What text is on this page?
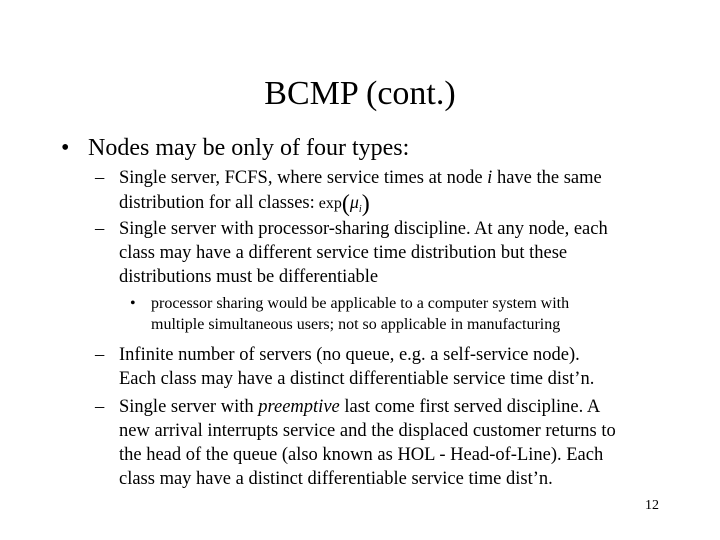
BCMP (cont.)
• Nodes may be only of four types:
– Single server, FCFS, where service times at node i have the same
distribution for all classes: $\exp(\mu_i)$
– Single server with processor-sharing discipline. At any node, each
class may have a different service time distribution but these
distributions must be differentiable
• processor sharing would be applicable to a computer system with
multiple simultaneous users; not so applicable in manufacturing
– Infinite number of servers (no queue, e.g. a self-service node).
Each class may have a distinct differentiable service time dist’n.
– Single server with preemptive last come first served discipline. A
new arrival interrupts service and the displaced customer returns to
the head of the queue (also known as HOL - Head-of-Line). Each
class may have a distinct differentiable service time dist’n.
12
